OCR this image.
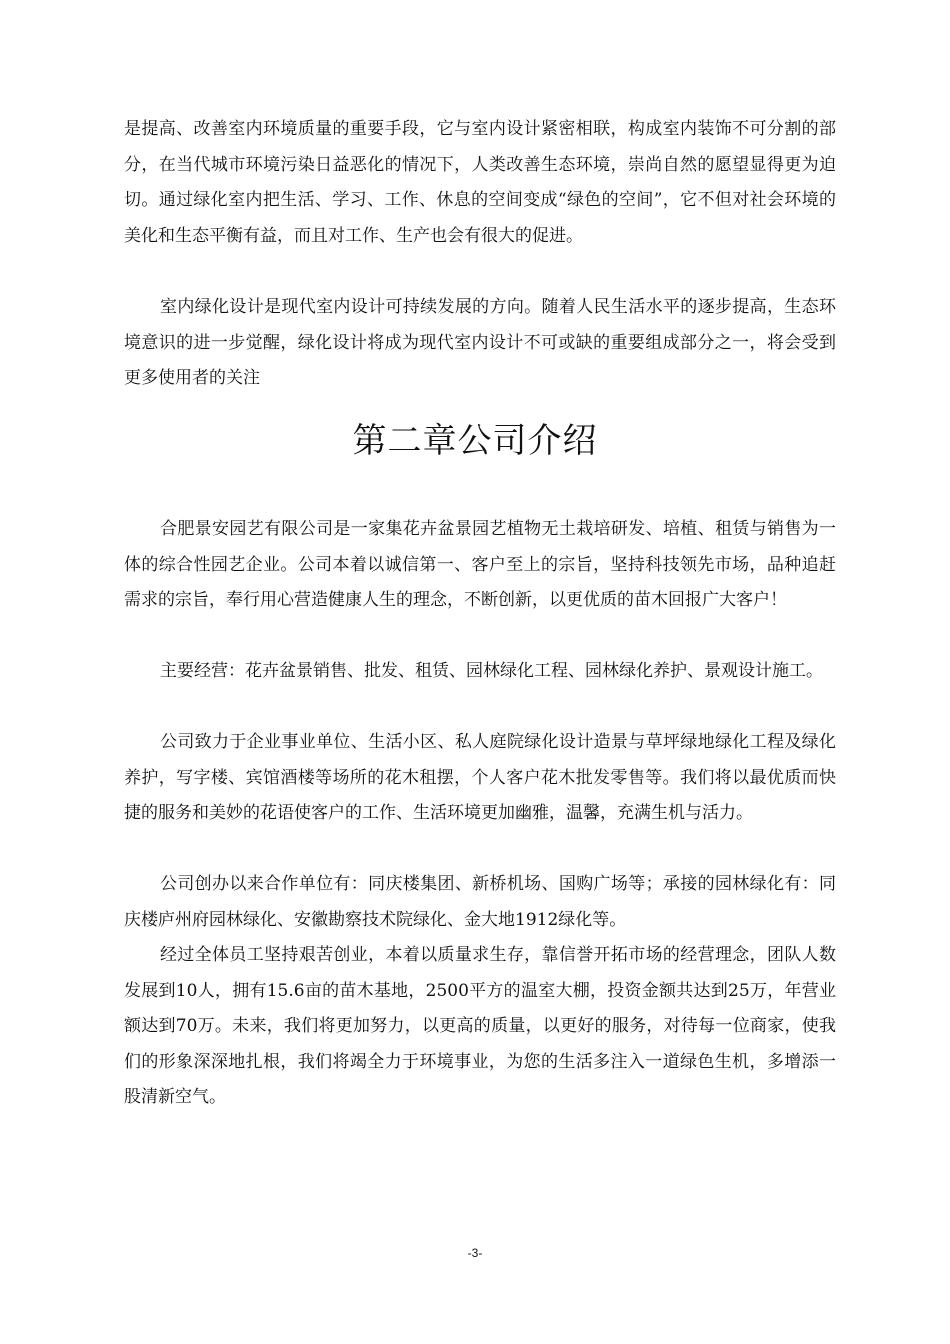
是提高、改善室内环境质量的重要手段，它与室内设计紧密相联，构成室内装饰不可分割的部分，在当代城市环境污染日益恶化的情况下，人类改善生态环境，崇尚自然的愿望显得更为迫切。通过绿化室内把生活、学习、工作、休息的空间变成“绿色的空间”，它不但对社会环境的美化和生态平衡有益，而且对工作、生产也会有很大的促进。

室内绿化设计是现代室内设计可持续发展的方向。随着人民生活水平的逐步提高，生态环境意识的进一步觉醒，绿化设计将成为现代室内设计不可或缺的重要组成部分之一，将会受到更多使用者的关注

第二章公司介绍

合肥景安园艺有限公司是一家集花卉盆景园艺植物无土栽培研发、培植、租赁与销售为一体的综合性园艺企业。公司本着以诚信第一、客户至上的宗旨，坚持科技领先市场，品种追赶需求的宗旨，奉行用心营造健康人生的理念，不断创新，以更优质的苗木回报广大客户！

主要经营：花卉盆景销售、批发、租赁、园林绿化工程、园林绿化养护、景观设计施工。

公司致力于企业事业单位、生活小区、私人庭院绿化设计造景与草坪绿地绿化工程及绿化养护，写字楼、宾馆酒楼等场所的花木租摆，个人客户花木批发零售等。我们将以最优质而快捷的服务和美妙的花语使客户的工作、生活环境更加幽雅，温馨，充满生机与活力。

公司创办以来合作单位有：同庆楼集团、新桥机场、国购广场等；承接的园林绿化有：同庆楼庐州府园林绿化、安徽勘察技术院绿化、金大地1912绿化等。

经过全体员工坚持艰苦创业，本着以质量求生存，靠信誉开拓市场的经营理念，团队人数发展到10人，拥有15.6亩的苗木基地，2500平方的温室大棚，投资金额共达到25万，年营业额达到70万。未来，我们将更加努力，以更高的质量，以更好的服务，对待每一位商家，使我们的形象深深地扎根，我们将竭全力于环境事业，为您的生活多注入一道绿色生机，多增添一股清新空气。

-3-
